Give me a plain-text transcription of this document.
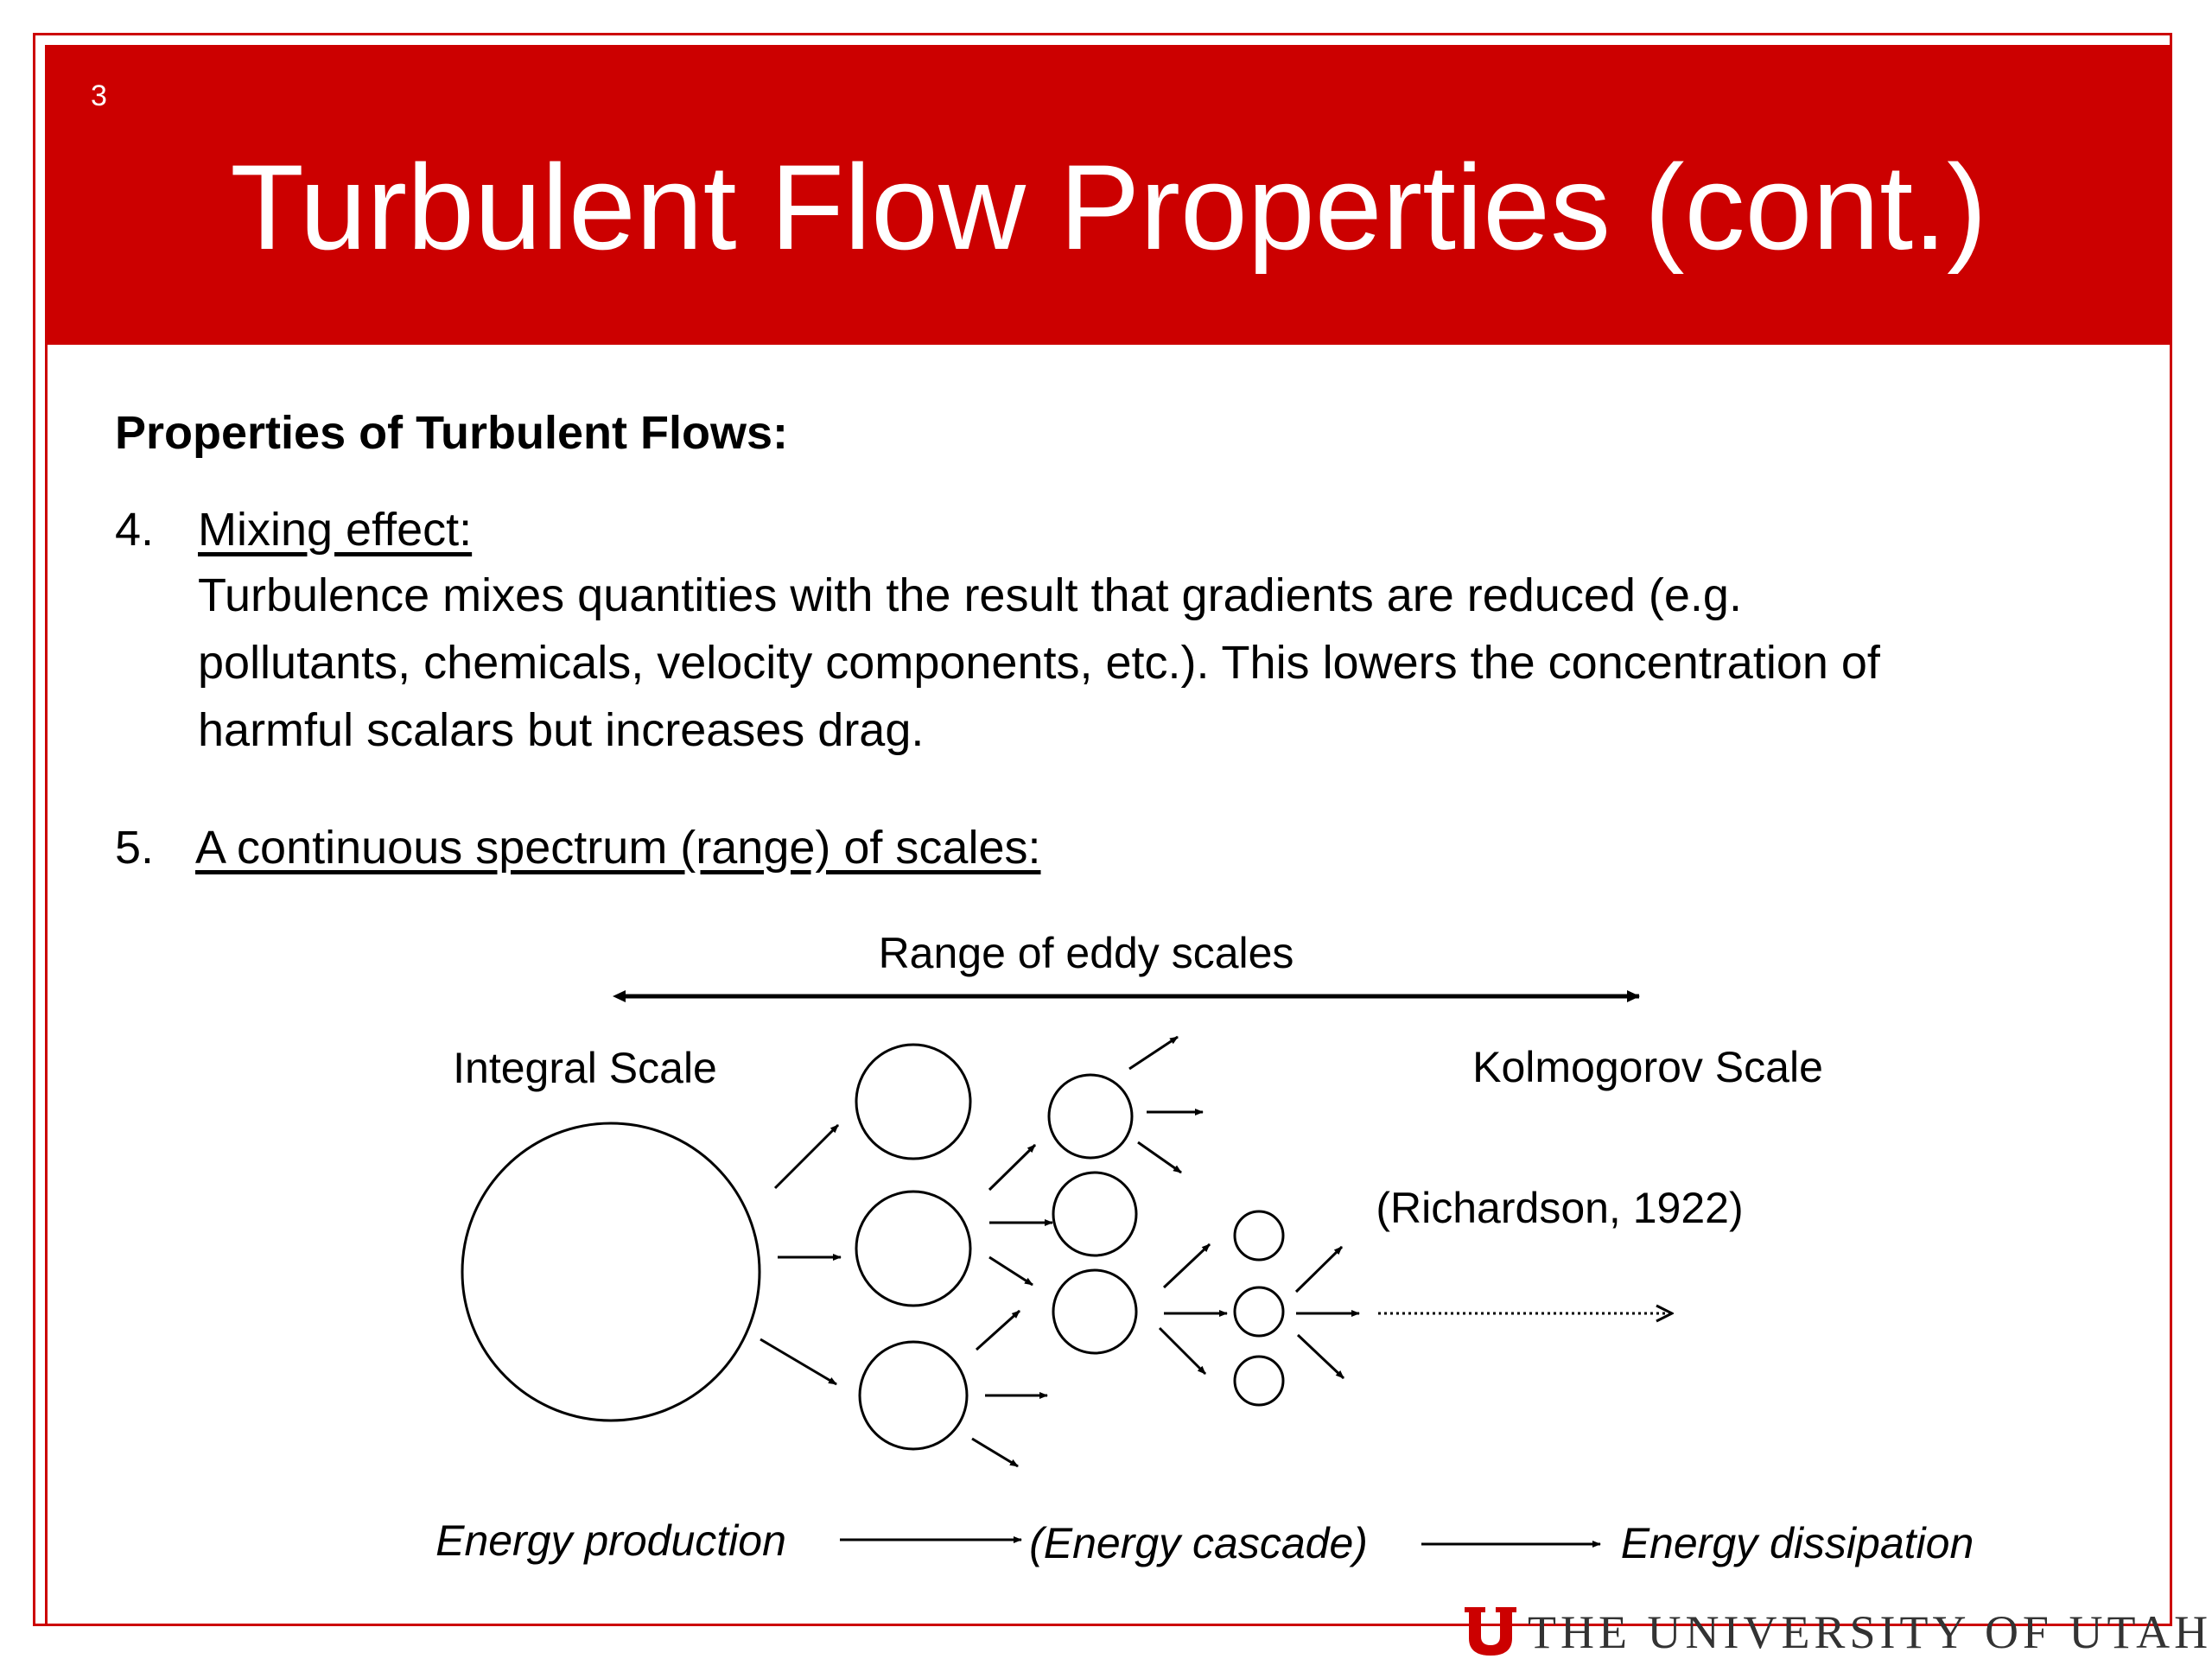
3
Turbulent Flow Properties (cont.)
Properties of Turbulent Flows:
4. Mixing effect:

Turbulence mixes quantities with the result that gradients are reduced (e.g.

pollutants, chemicals, velocity components, etc.). This lowers the concentration of

harmful scalars but increases drag.

5. A continuous spectrum (range) of scales:
Range of eddy scales
Integral Scale	Kolmogorov Scale
(Richardson, 1922)
Energy production	(Energy cascade)	Energy dissipation
THE UNIVERSITY OF UTAH
